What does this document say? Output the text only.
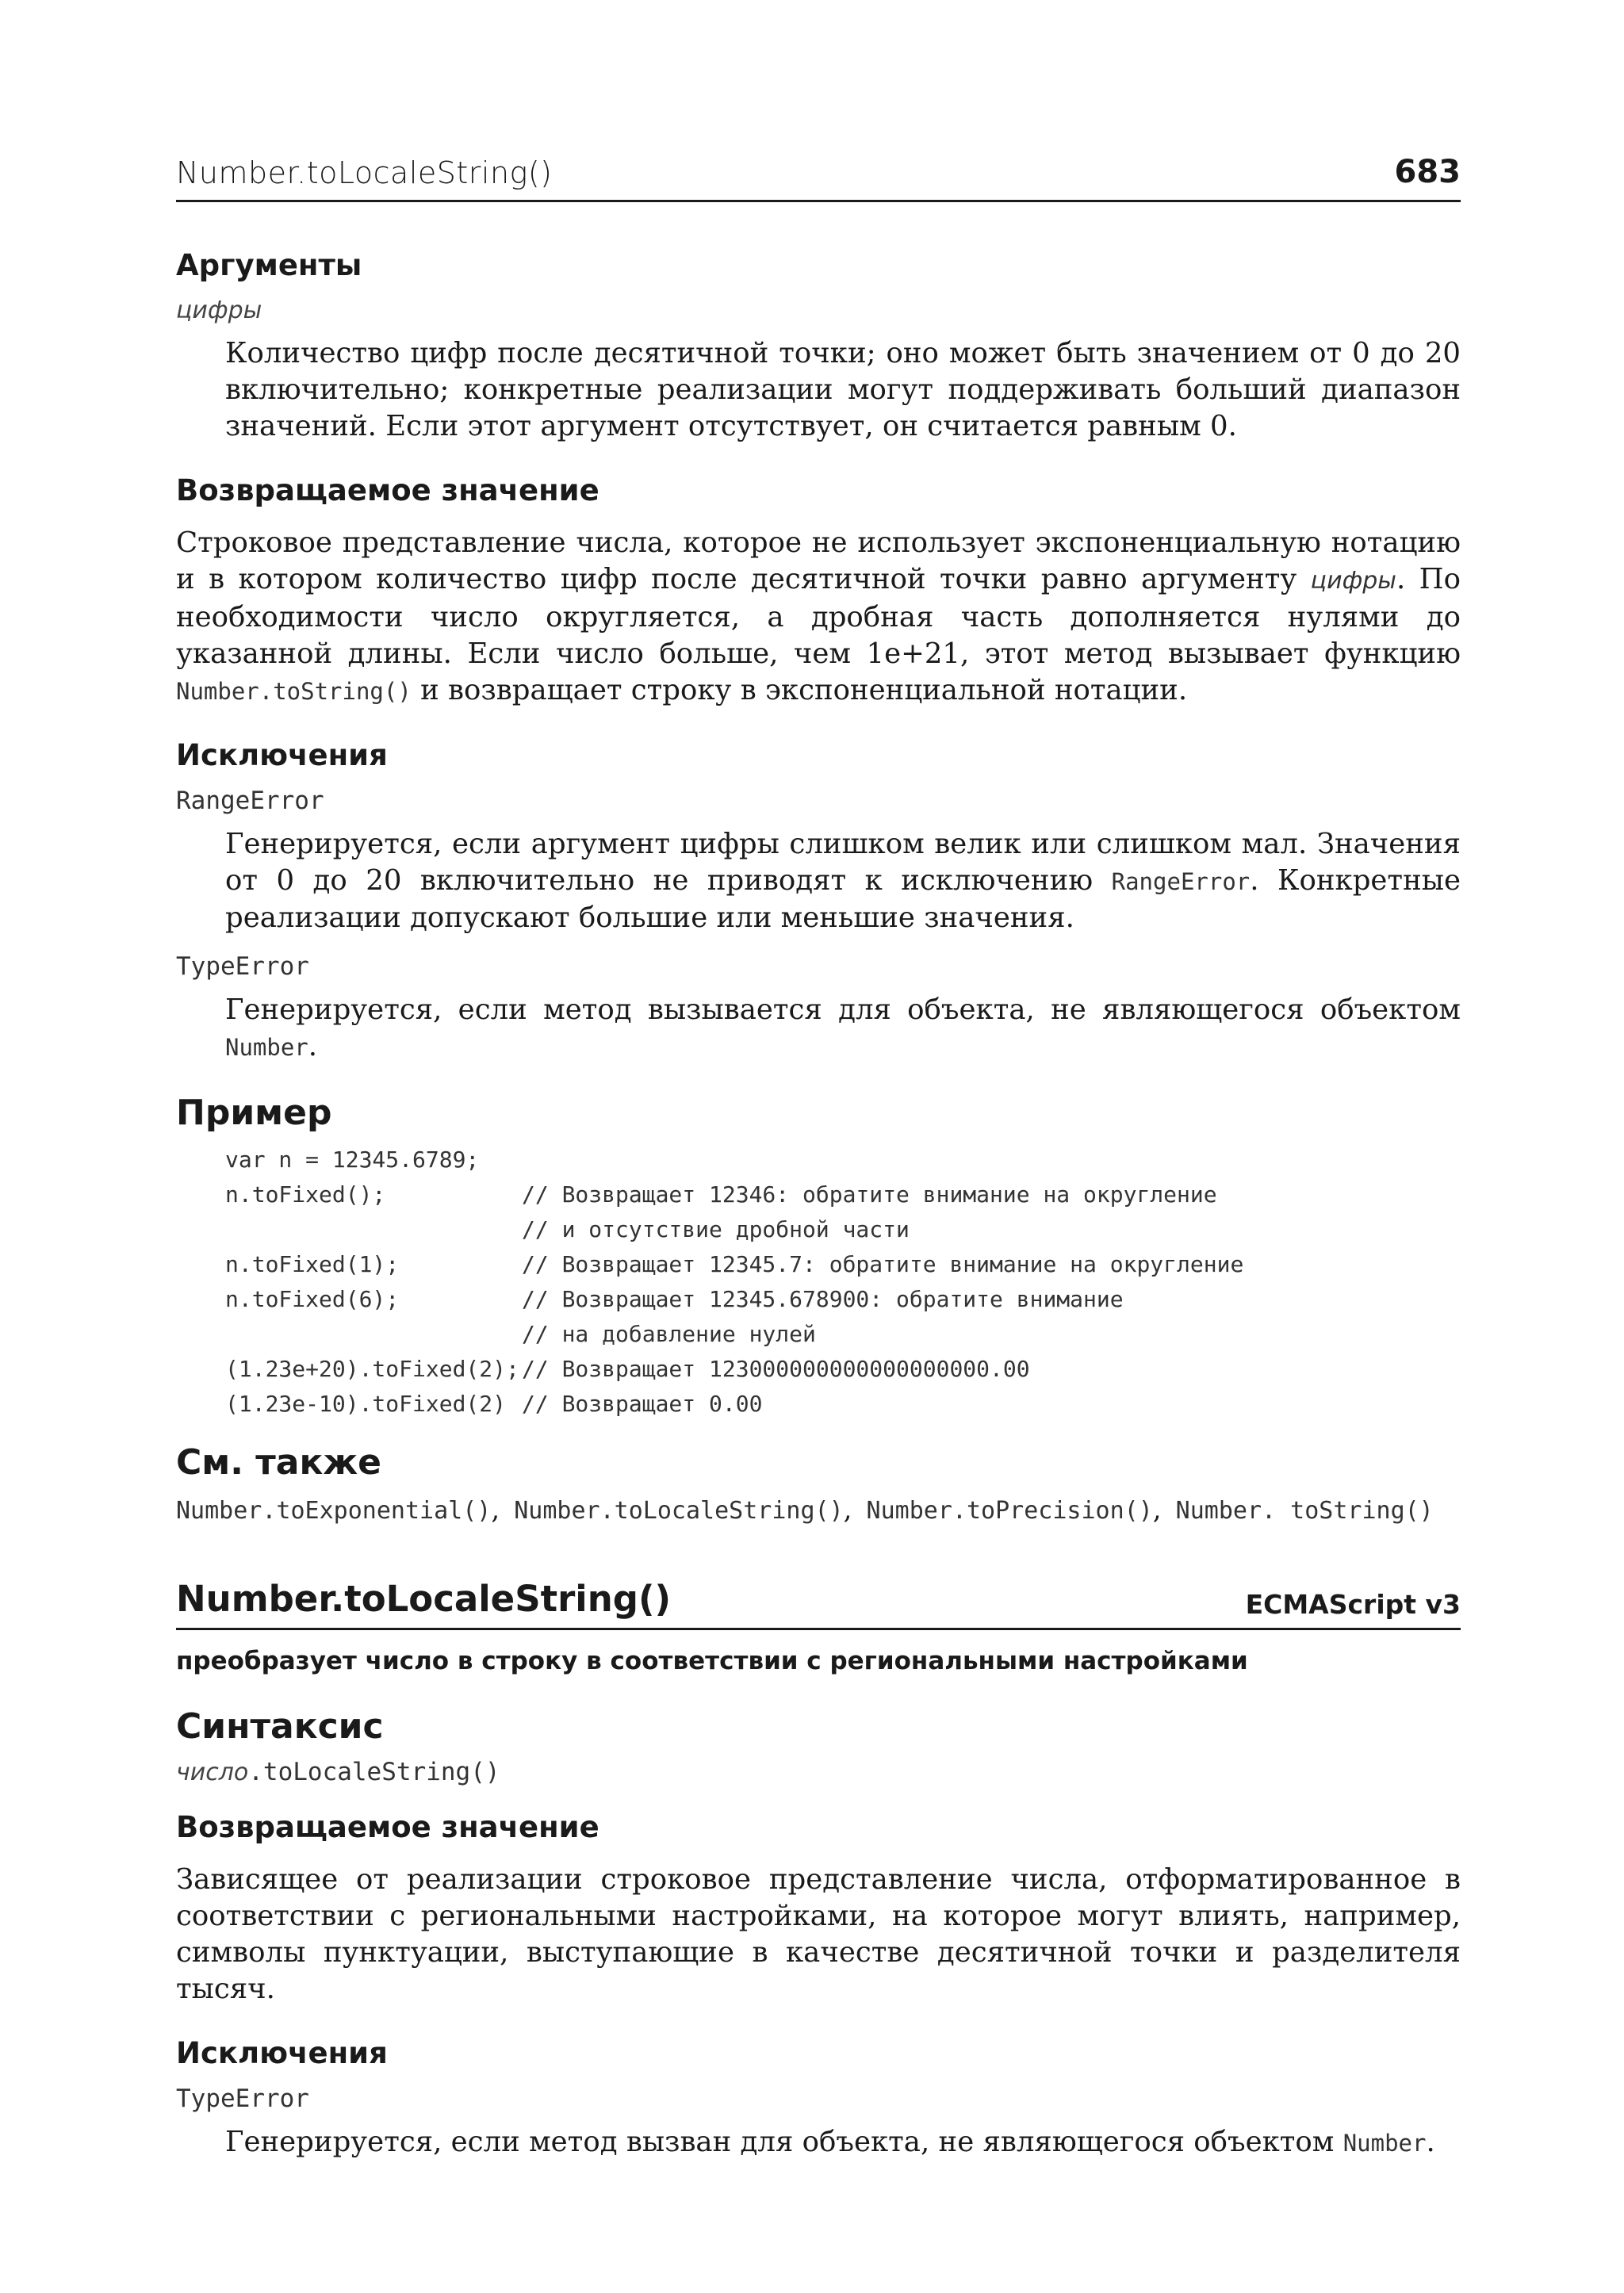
Number.toLocaleString()	683
Аргументы
цифры

Количество цифр после десятичной точки; оно может быть значением от 0 до 20 включительно; конкретные реализации могут поддерживать больший диапазон значений. Если этот аргумент отсутствует, он считается равным 0.

Возвращаемое значение

Строковое представление числа, которое не использует экспоненциальную нотацию и в котором количество цифр после десятичной точки равно аргументу цифры. По необходимости число округляется, а дробная часть дополняется нулями до указанной длины. Если число больше, чем 1e+21, этот метод вызывает функцию Number.toString() и возвращает строку в экспоненциальной нотации.

Исключения
RangeError

Генерируется, если аргумент цифры слишком велик или слишком мал. Значения от 0 до 20 включительно не приводят к исключению RangeError. Конкретные реализации допускают большие или меньшие значения.

TypeError

Генерируется, если метод вызывается для объекта, не являющегося объектом Number.

Пример
var n = 12345.6789;
n.toFixed();	// Возвращает 12346: обратите внимание на округление
// и отсутствие дробной части
n.toFixed(1);	// Возвращает 12345.7: обратите внимание на округление
n.toFixed(6);	// Возвращает 12345.678900: обратите внимание
// на добавление нулей
(1.23e+20).toFixed(2); // Возвращает 123000000000000000000.00
(1.23e-10).toFixed(2) // Возвращает 0.00
См. также
Number.toExponential(), Number.toLocaleString(), Number.toPrecision(), Number. toString()
Number.toLocaleString()	ECMAScript v3

преобразует число в строку в соответствии с региональными настройками

Синтаксис
число.toLocaleString()
Возвращаемое значение

Зависящее от реализации строковое представление числа, отформатированное в соответствии с региональными настройками, на которое могут влиять, например, символы пунктуации, выступающие в качестве десятичной точки и разделителя тысяч.

Исключения
TypeError

Генерируется, если метод вызван для объекта, не являющегося объектом Number.
